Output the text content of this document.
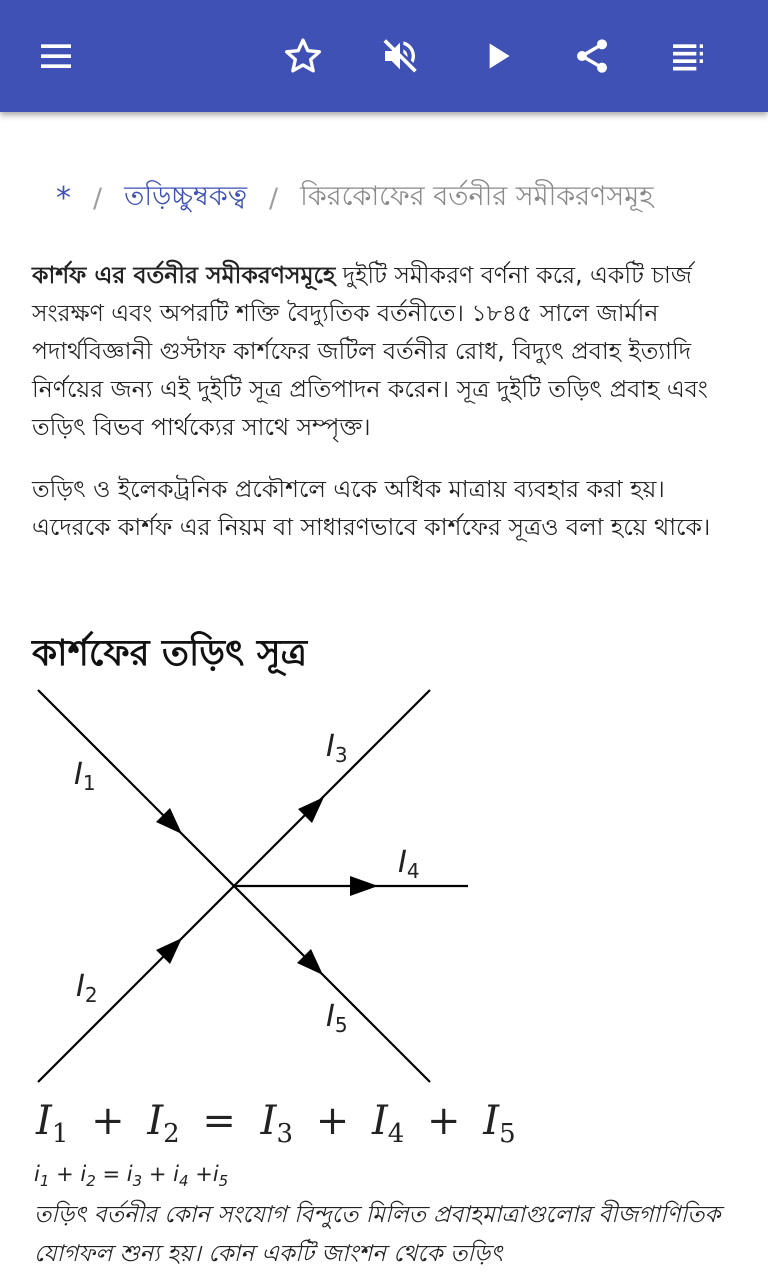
* / তড়িচ্চুম্বকত্ব / কিরকোফের বর্তনীর সমীকরণসমূহ

কার্শফ এর বর্তনীর সমীকরণসমূহে দুইটি সমীকরণ বর্ণনা করে, একটি চার্জ সংরক্ষণ এবং অপরটি শক্তি বৈদ্যুতিক বর্তনীতে। ১৮৪৫ সালে জার্মান পদার্থবিজ্ঞানী গুস্টাফ কার্শফের জটিল বর্তনীর রোধ, বিদ্যুৎ প্রবাহ ইত্যাদি নির্ণয়ের জন্য এই দুইটি সূত্র প্রতিপাদন করেন। সূত্র দুইটি তড়িৎ প্রবাহ এবং তড়িৎ বিভব পার্থক্যের সাথে সম্পৃক্ত।

তড়িৎ ও ইলেকট্রনিক প্রকৌশলে একে অধিক মাত্রায় ব্যবহার করা হয়। এদেরকে কার্শফ এর নিয়ম বা সাধারণভাবে কার্শফের সূত্রও বলা হয়ে থাকে।

কার্শফের তড়িৎ সূত্র
$I_1$
$I_2$
$I_3$
$I_4$
$I_5$
$I_1 + I_2 = I_3 + I_4 + I_5$
$i_1 + i_2 = i_3 + i_4 +i_5$
তড়িৎ বর্তনীর কোন সংযোগ বিন্দুতে মিলিত প্রবাহমাত্রাগুলোর বীজগাণিতিক যোগফল শুন্য হয়। কোন একটি জাংশন থেকে তড়িৎ
